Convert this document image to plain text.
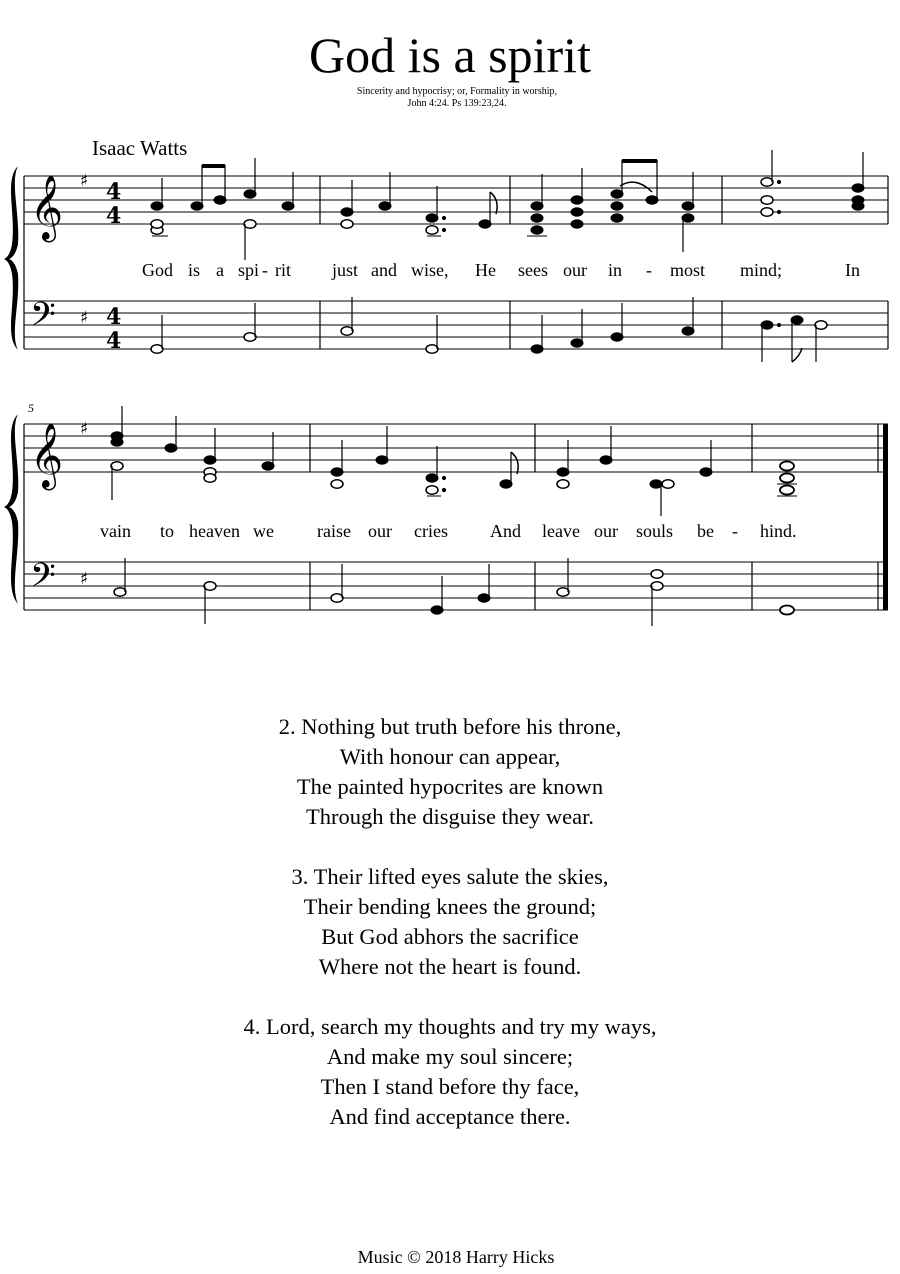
God is a spirit
Sincerity and hypocrisy; or, Formality in worship,
John 4:24. Ps 139:23,24.
Isaac Watts
𝄞
𝄢
♯
♯
4
4
4
4
God is a spi - rit just and wise, He sees our in - most mind;	In
5
𝄞
𝄢
♯
♯
vain to heaven we raise our cries And leave our souls be - hind.
2. Nothing but truth before his throne,
With honour can appear,
The painted hypocrites are known
Through the disguise they wear.
3. Their lifted eyes salute the skies,
Their bending knees the ground;
But God abhors the sacrifice
Where not the heart is found.
4. Lord, search my thoughts and try my ways,
And make my soul sincere;
Then I stand before thy face,
And find acceptance there.
Music © 2018 Harry Hicks
